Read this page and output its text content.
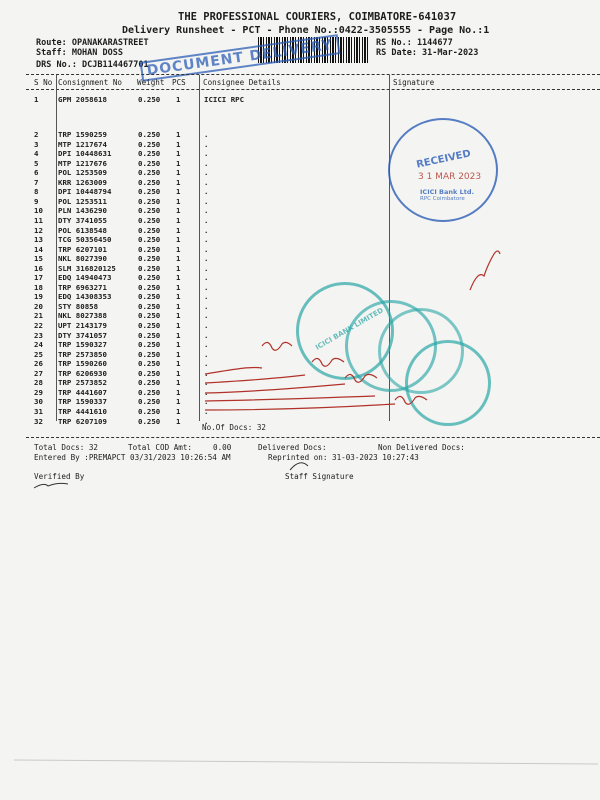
THE PROFESSIONAL COURIERS, COIMBATORE-641037
Delivery Runsheet - PCT - Phone No.:0422-3505555 - Page No.:1
Route: OPANAKARASTREET
Staff: MOHAN DOSS
DRS No.: DCJB114467701
RS No.: 1144677
RS Date: 31-Mar-2023
DOCUMENT DELIVERY
S No Consignment No Weight PCS Consignee Details	Signature
1	GPM 2058618	0.250 1	ICICI RPC
2	TRP 1590259	0.250 1	.
3	MTP 1217674	0.250 1	.
4	DPI 10448631	0.250 1	.
5	MTP 1217676	0.250 1	.
6	POL 1253509	0.250 1	.
7	KRR 1263009	0.250 1	.
8	DPI 10448794	0.250 1	.
9	POL 1253511	0.250 1	.
10 PLN 1436290	0.250 1	.
11 DTY 3741055	0.250 1	.
12 POL 6138548	0.250 1	.
13 TCG 50356450	0.250 1	.
14 TRP 6207101	0.250 1	.
15 NKL 8027390	0.250 1	.
16 SLM 316820125	0.250 1	.
17 EDQ 14940473	0.250 1	.
18 TRP 6963271	0.250 1	.
19 EDQ 14308353	0.250 1	.
20 STY 80858	0.250 1	.
21 NKL 8027388	0.250 1	.
22 UPT 2143179	0.250 1	.
23 DTY 3741057	0.250 1	.
24 TRP 1590327	0.250 1	.
25 TRP 2573850	0.250 1	.
26 TRP 1590260	0.250 1	.
27 TRP 6206930	0.250 1	.
28 TRP 2573852	0.250 1	.
29 TRP 4441607	0.250 1	.
30 TRP 1590337	0.250 1	.
31 TRP 4441610	0.250 1	.
32 TRP 6207109	0.250 1	.
No.Of Docs: 32
Total Docs: 32	Total COD Amt:	0.00	Delivered Docs:	Non Delivered Docs:
Entered By :PREMAPCT 03/31/2023 10:26:54 AM	Reprinted on: 31-03-2023 10:27:43
Verified By	Staff Signature
RECEIVED
3 1 MAR 2023
ICICI Bank Ltd.
RPC Coimbatore
ICICI BANK LIMITED
